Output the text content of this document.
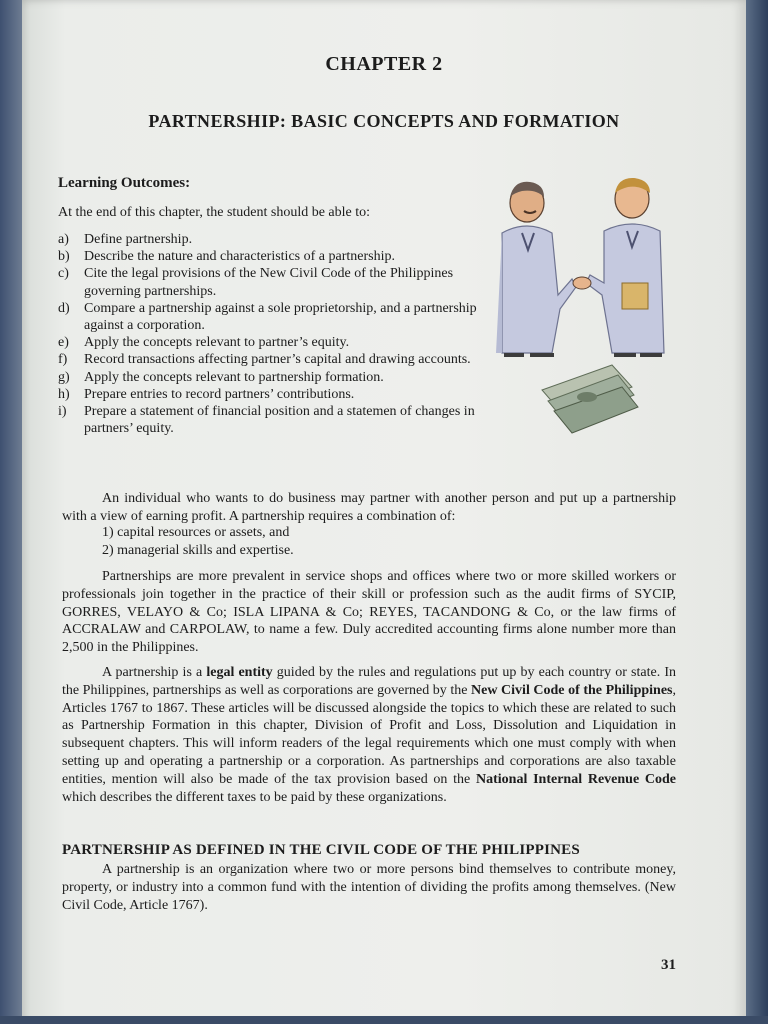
CHAPTER 2
PARTNERSHIP: BASIC CONCEPTS AND FORMATION
Learning Outcomes:
At the end of this chapter, the student should be able to:
a)	Define partnership.
b)	Describe the nature and characteristics of a partnership.
c)	Cite the legal provisions of the New Civil Code of the Philippines governing partnerships.
d)	Compare a partnership against a sole proprietorship, and a partnership against a corporation.
e)	Apply the concepts relevant to partner’s equity.
f)	Record transactions affecting partner’s capital and drawing accounts.
g)	Apply the concepts relevant to partnership formation.
h)	Prepare entries to record partners’ contributions.
i)	Prepare a statement of financial position and a statemen of changes in partners’ equity.

An individual who wants to do business may partner with another person and put up a partnership with a view of earning profit. A partnership requires a combination of:

1) capital resources or assets, and
2) managerial skills and expertise.

Partnerships are more prevalent in service shops and offices where two or more skilled workers or professionals join together in the practice of their skill or profession such as the audit firms of SYCIP, GORRES, VELAYO & Co; ISLA LIPANA & Co; REYES, TACANDONG & Co, or the law firms of ACCRALAW and CARPOLAW, to name a few. Duly accredited accounting firms alone number more than 2,500 in the Philippines.

A partnership is a legal entity guided by the rules and regulations put up by each country or state. In the Philippines, partnerships as well as corporations are governed by the New Civil Code of the Philippines, Articles 1767 to 1867. These articles will be discussed alongside the topics to which these are related to such as Partnership Formation in this chapter, Division of Profit and Loss, Dissolution and Liquidation in subsequent chapters. This will inform readers of the legal requirements which one must comply with when setting up and operating a partnership or a corporation. As partnerships and corporations are also taxable entities, mention will also be made of the tax provision based on the National Internal Revenue Code which describes the different taxes to be paid by these organizations.

PARTNERSHIP AS DEFINED IN THE CIVIL CODE OF THE PHILIPPINES

A partnership is an organization where two or more persons bind themselves to contribute money, property, or industry into a common fund with the intention of dividing the profits among themselves. (New Civil Code, Article 1767).

31
